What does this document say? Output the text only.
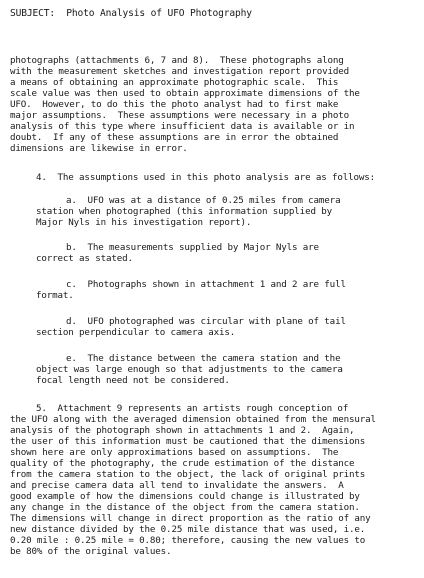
SUBJECT:  Photo Analysis of UFO Photography
photographs (attachments 6, 7 and 8).  These photographs along
with the measurement sketches and investigation report provided
a means of obtaining an approximate photographic scale.  This
scale value was then used to obtain approximate dimensions of the
UFO.  However, to do this the photo analyst had to first make
major assumptions.  These assumptions were necessary in a photo
analysis of this type where insufficient data is available or in
doubt.  If any of these assumptions are in error the obtained
dimensions are likewise in error.
4.  The assumptions used in this photo analysis are as follows:
a.  UFO was at a distance of 0.25 miles from camera
station when photographed (this information supplied by
Major Nyls in his investigation report).
b.  The measurements supplied by Major Nyls are
correct as stated.
c.  Photographs shown in attachment 1 and 2 are full
format.
d.  UFO photographed was circular with plane of tail
section perpendicular to camera axis.
e.  The distance between the camera station and the
object was large enough so that adjustments to the camera
focal length need not be considered.
5.  Attachment 9 represents an artists rough conception of
the UFO along with the averaged dimension obtained from the mensural
analysis of the photograph shown in attachments 1 and 2.  Again,
the user of this information must be cautioned that the dimensions
shown here are only approximations based on assumptions.  The
quality of the photography, the crude estimation of the distance
from the camera station to the object, the lack of original prints
and precise camera data all tend to invalidate the answers.  A
good example of how the dimensions could change is illustrated by
any change in the distance of the object from the camera station.
The dimensions will change in direct proportion as the ratio of any
new distance divided by the 0.25 mile distance that was used, i.e.
0.20 mile : 0.25 mile = 0.80; therefore, causing the new values to
be 80% of the original values.
